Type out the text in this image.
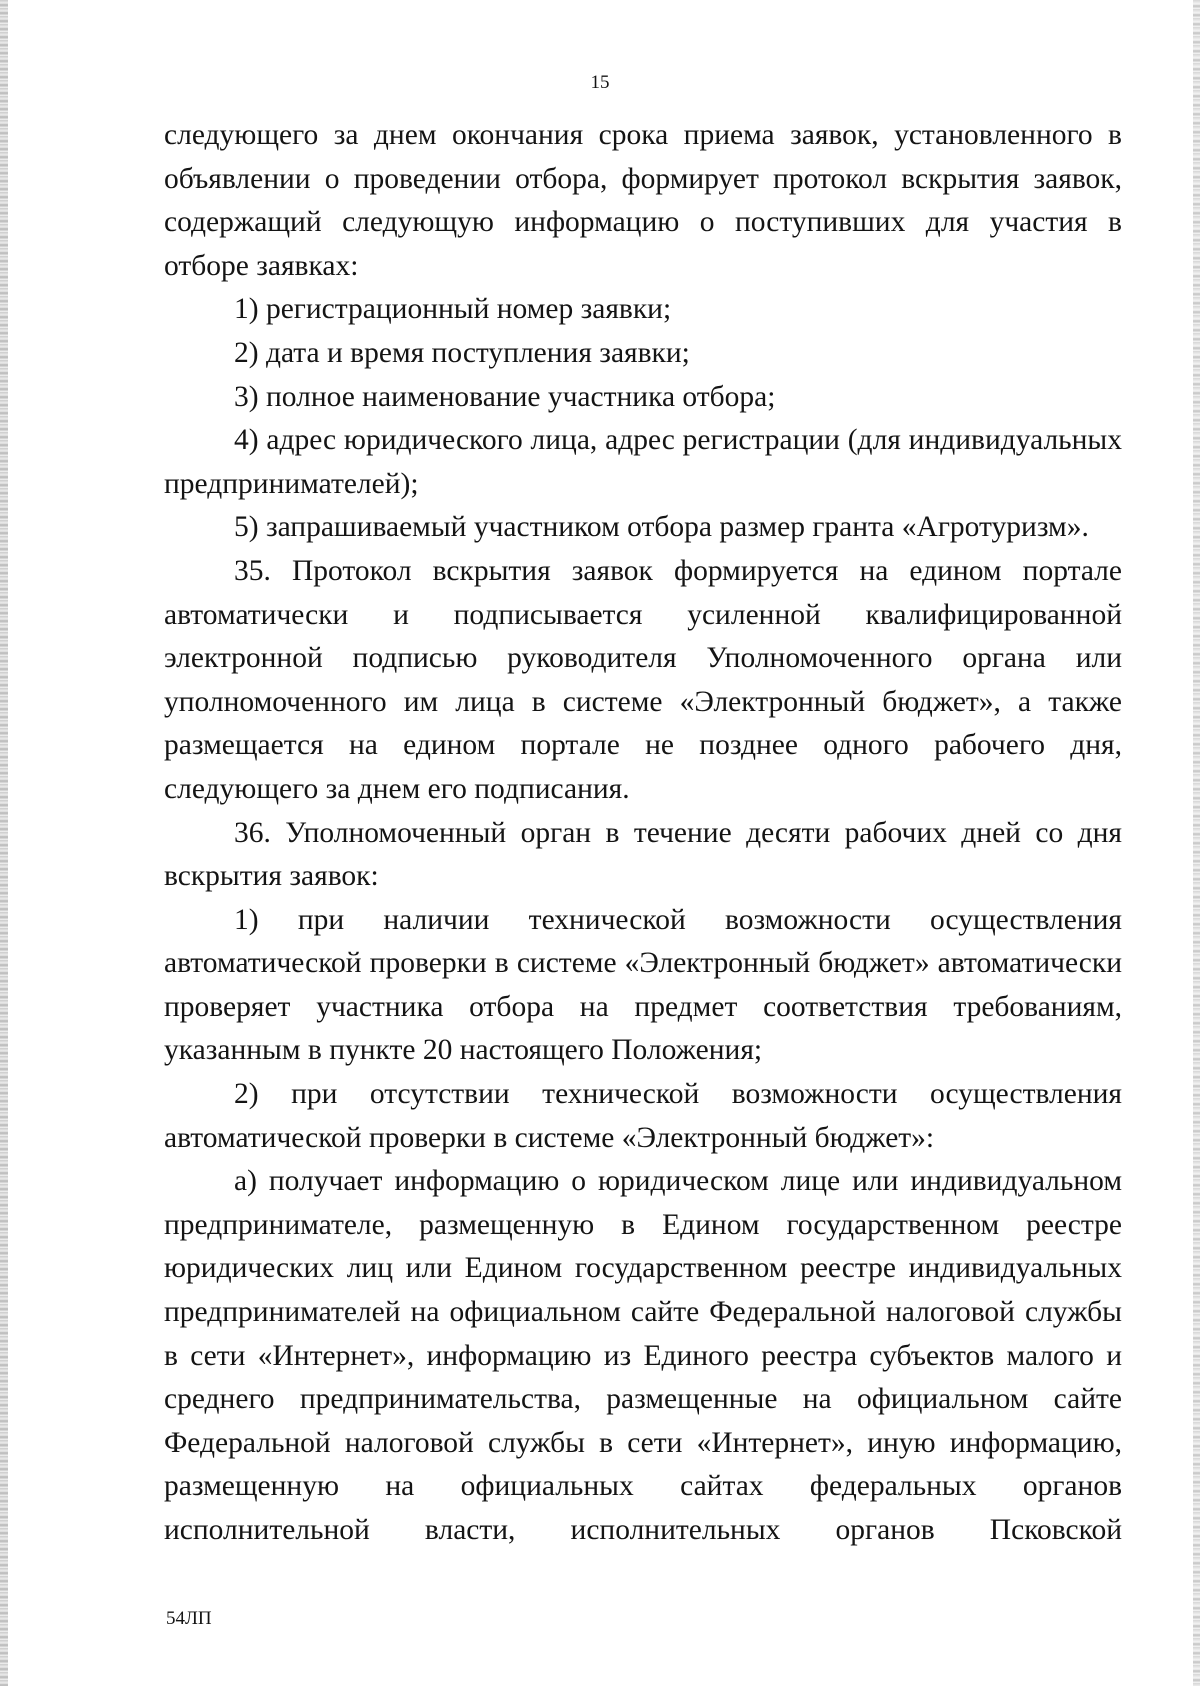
15

следующего за днем окончания срока приема заявок, установленного в объявлении о проведении отбора, формирует протокол вскрытия заявок, содержащий следующую информацию о поступивших для участия в отборе заявках:

1) регистрационный номер заявки;

2) дата и время поступления заявки;

3) полное наименование участника отбора;

4) адрес юридического лица, адрес регистрации (для индивидуальных предпринимателей);

5) запрашиваемый участником отбора размер гранта «Агротуризм».

35. Протокол вскрытия заявок формируется на едином портале автоматически и подписывается усиленной квалифицированной электронной подписью руководителя Уполномоченного органа или уполномоченного им лица в системе «Электронный бюджет», а также размещается на едином портале не позднее одного рабочего дня, следующего за днем его подписания.

36. Уполномоченный орган в течение десяти рабочих дней со дня вскрытия заявок:

1) при наличии технической возможности осуществления автоматической проверки в системе «Электронный бюджет» автоматически проверяет участника отбора на предмет соответствия требованиям, указанным в пункте 20 настоящего Положения;

2) при отсутствии технической возможности осуществления автоматической проверки в системе «Электронный бюджет»:

а) получает информацию о юридическом лице или индивидуальном предпринимателе, размещенную в Едином государственном реестре юридических лиц или Едином государственном реестре индивидуальных предпринимателей на официальном сайте Федеральной налоговой службы в сети «Интернет», информацию из Единого реестра субъектов малого и среднего предпринимательства, размещенные на официальном сайте Федеральной налоговой службы в сети «Интернет», иную информацию, размещенную на официальных сайтах федеральных органов исполнительной власти, исполнительных органов Псковской

54ЛП
